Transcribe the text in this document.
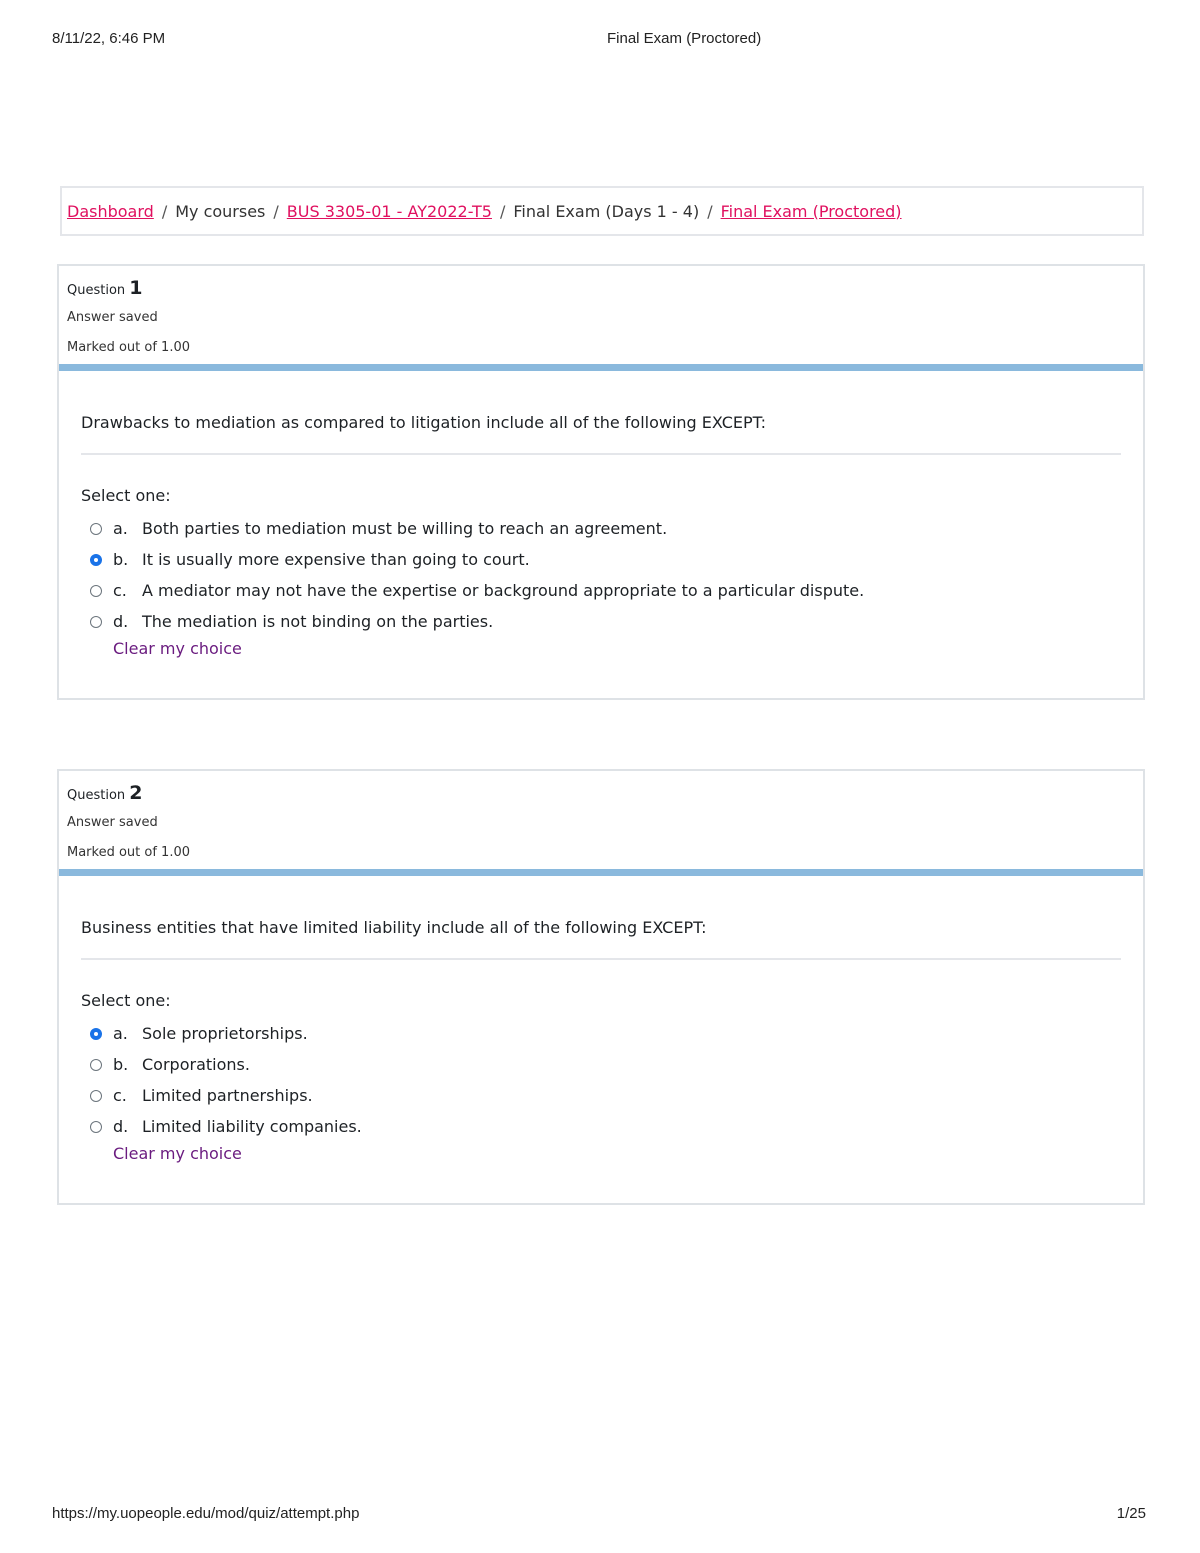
8/11/22, 6:46 PM	Final Exam (Proctored)
Dashboard / My courses / BUS 3305-01 - AY2022-T5 / Final Exam (Days 1 - 4) / Final Exam (Proctored)
Question 1
Answer saved
Marked out of 1.00
Drawbacks to mediation as compared to litigation include all of the following EXCEPT:
Select one:
a. Both parties to mediation must be willing to reach an agreement.
b. It is usually more expensive than going to court.
c. A mediator may not have the expertise or background appropriate to a particular dispute.
d. The mediation is not binding on the parties.
Clear my choice
Question 2
Answer saved
Marked out of 1.00
Business entities that have limited liability include all of the following EXCEPT:
Select one:
a. Sole proprietorships.
b. Corporations.
c. Limited partnerships.
d. Limited liability companies.
Clear my choice
https://my.uopeople.edu/mod/quiz/attempt.php	1/25
